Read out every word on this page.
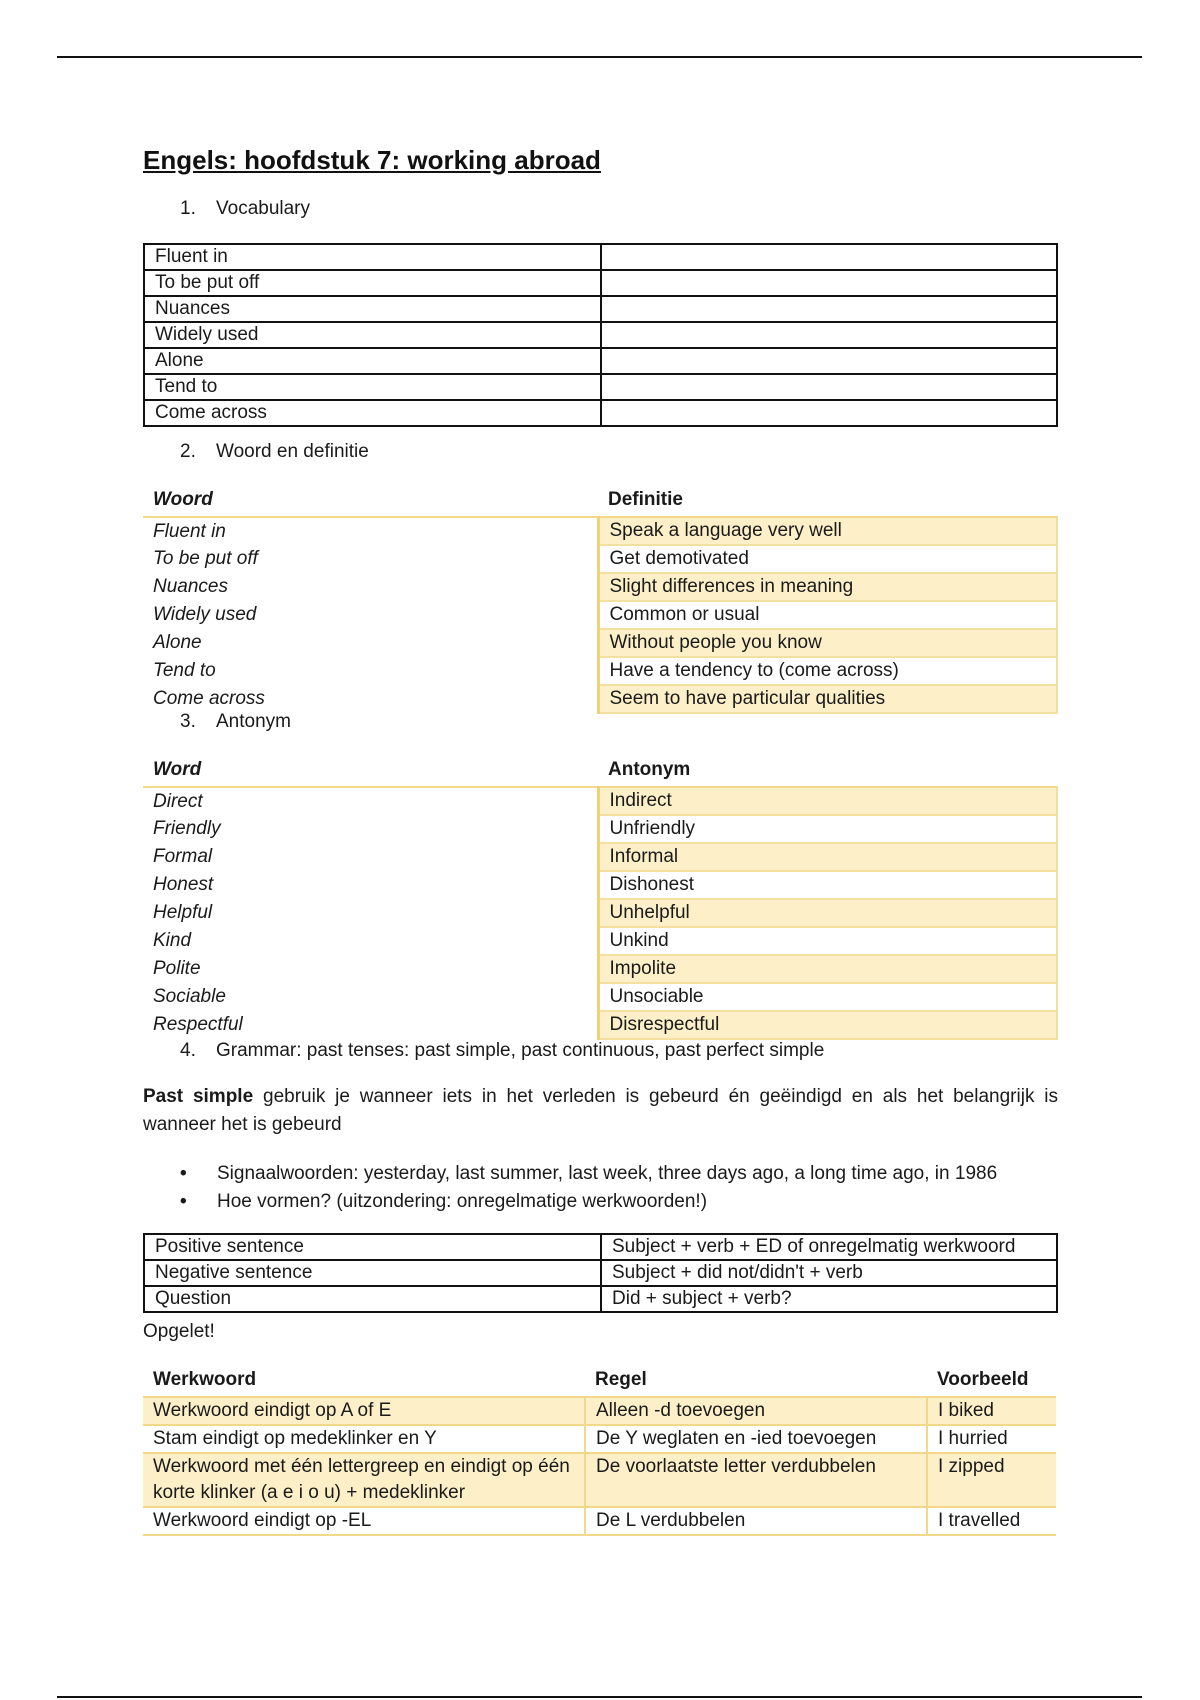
Engels: hoofdstuk 7: working abroad
1. Vocabulary
Fluent in	
To be put off	
Nuances	
Widely used	
Alone	
Tend to	
Come across	
2. Woord en definitie
Woord	Definitie
Fluent in	Speak a language very well
To be put off	Get demotivated
Nuances	Slight differences in meaning
Widely used	Common or usual
Alone	Without people you know
Tend to	Have a tendency to (come across)
Come across	Seem to have particular qualities
3. Antonym
Word	Antonym
Direct	Indirect
Friendly	Unfriendly
Formal	Informal
Honest	Dishonest
Helpful	Unhelpful
Kind	Unkind
Polite	Impolite
Sociable	Unsociable
Respectful	Disrespectful
4. Grammar: past tenses: past simple, past continuous, past perfect simple
Past simple gebruik je wanneer iets in het verleden is gebeurd én geëindigd en als het belangrijk is wanneer het is gebeurd
• Signaalwoorden: yesterday, last summer, last week, three days ago, a long time ago, in 1986
• Hoe vormen? (uitzondering: onregelmatige werkwoorden!)
Positive sentence	Subject + verb + ED of onregelmatig werkwoord
Negative sentence	Subject + did not/didn't + verb
Question	Did + subject + verb?
Opgelet!
Werkwoord	Regel	Voorbeeld
Werkwoord eindigt op A of E	Alleen -d toevoegen	I biked
Stam eindigt op medeklinker en Y	De Y weglaten en -ied toevoegen	I hurried
Werkwoord met één lettergreep en eindigt op één korte klinker (a e i o u) + medeklinker	De voorlaatste letter verdubbelen	I zipped
Werkwoord eindigt op -EL	De L verdubbelen	I travelled
